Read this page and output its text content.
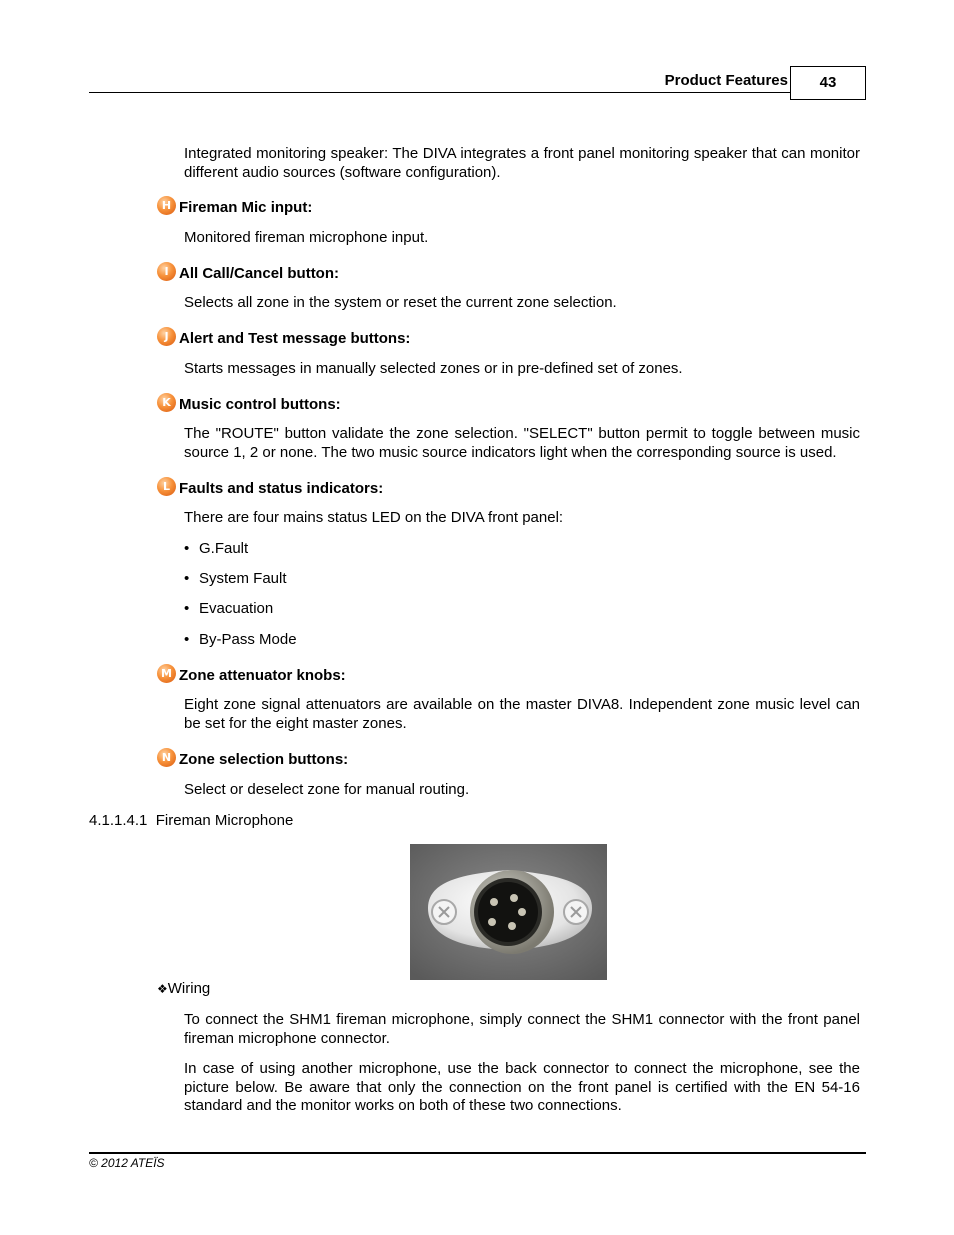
Product Features	43
Integrated monitoring speaker: The DIVA integrates a front panel monitoring speaker that can monitor different audio sources (software configuration).
H Fireman Mic input:
Monitored fireman microphone input.
I All Call/Cancel button:
Selects all zone in the system or reset the current zone selection.
J Alert and Test message buttons:
Starts messages in manually selected zones or in pre-defined set of zones.
K Music control buttons:
The "ROUTE" button validate the zone selection. "SELECT" button permit to toggle between music source 1, 2 or none. The two music source indicators light when the corresponding source is used.
L Faults and status indicators:
There are four mains status LED on the DIVA front panel:
• G.Fault
• System Fault
• Evacuation
• By-Pass Mode
M Zone attenuator knobs:
Eight zone signal attenuators are available on the master DIVA8. Independent zone music level can be set for the eight master zones.
N Zone selection buttons:
Select or deselect zone for manual routing.
4.1.1.4.1 Fireman Microphone
❖Wiring
To connect the SHM1 fireman microphone, simply connect the SHM1 connector with the front panel fireman microphone connector.
In case of using another microphone, use the back connector to connect the microphone, see the picture below. Be aware that only the connection on the front panel is certified with the EN 54-16 standard and the monitor works on both of these two connections.
© 2012 ATEÏS
